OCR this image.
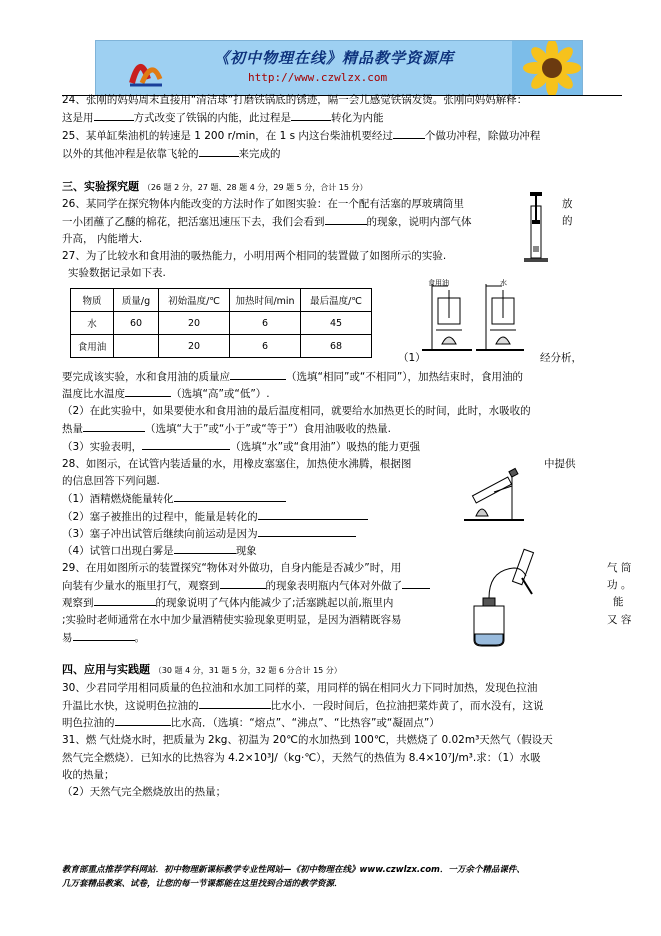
《初中物理在线》精品教学资源库
http://www.czwlzx.com
24、张刚的妈妈周末直接用“清洁球”打磨铁锅底的锈迹，隔一会儿感觉铁锅发烫。张刚向妈妈解释：
这是用	方式改变了铁锅的内能，此过程是	转化为内能
25、某单缸柴油机的转速是 1 200 r/min，在 1 s 内这台柴油机要经过	个做功冲程，除做功冲程
以外的其他冲程是依靠飞轮的	来完成的
三、实验探究题 （26 题 2 分，27 题、28 题 4 分，29 题 5 分，合计 15 分）
26、某同学在探究物体内能改变的方法时作了如图实验：在一个配有活塞的厚玻璃筒里	放
一小团蘸了乙醚的棉花，把活塞迅速压下去，我们会看到	的现象，说明内部气体	的
升高， 内能增大.
27、为了比较水和食用油的吸热能力，小明用两个相同的装置做了如图所示的实验.
实验数据记录如下表.
物质	质量/g	初始温度/℃	加热时间/min	最后温度/℃
水	60	20	6	45
食用油		20	6	68
食用油	水
（1）	经分析，
要完成该实验，水和食用油的质量应	（选填“相同”或“不相同”），加热结束时，食用油的
温度比水温度	（选填“高”或“低”）.
（2）在此实验中，如果要使水和食用油的最后温度相同，就要给水加热更长的时间，此时，水吸收的
热量	（选填“大于”或“小于”或“等于”）食用油吸收的热量.
（3）实验表明，	（选填“水”或“食用油”）吸热的能力更强
28、如图示，在试管内装适量的水，用橡皮塞塞住，加热使水沸腾，根据图	中提供
的信息回答下列问题.
（1）酒精燃烧能量转化
（2）塞子被推出的过程中，能量是转化的
（3）塞子冲出试管后继续向前运动是因为
（4）试管口出现白雾是	现象
29、在用如图所示的装置探究“物体对外做功，自身内能是否减少”时，用	气 筒
向装有少量水的瓶里打气，观察到	的现象表明瓶内气体对外做了	功 。
观察到	的现象说明了气体内能减少了;活塞跳起以前,瓶里内	能
;实验时老师通常在水中加少量酒精使实验现象更明显，是因为酒精既容易	又 容
易	。
四、应用与实践题 （30 题 4 分，31 题 5 分，32 题 6 分合计 15 分）
30、少君同学用相同质量的色拉油和水加工同样的菜，用同样的锅在相同火力下同时加热，发现色拉油
升温比水快，这说明色拉油的	比水小．一段时间后，色拉油把菜炸黄了，而水没有，这说
明色拉油的	比水高．（选填：“熔点”、“沸点”、“比热容”或“凝固点”）
31、燃 气灶烧水时，把质量为 2kg、初温为 20℃的水加热到 100℃，共燃烧了 0.02m³天然气（假设天
然气完全燃烧）．已知水的比热容为 4.2×10³J/（kg·℃），天然气的热值为 8.4×10⁷J/m³.求：（1）水吸
收的热量；
（2）天然气完全燃烧放出的热量；
教育部重点推荐学科网站．初中物理新课标教学专业性网站—《初中物理在线》www.czwlzx.com．一万余个精品课件、
几万套精品教案、试卷，让您的每一节课都能在这里找到合适的教学资源．
